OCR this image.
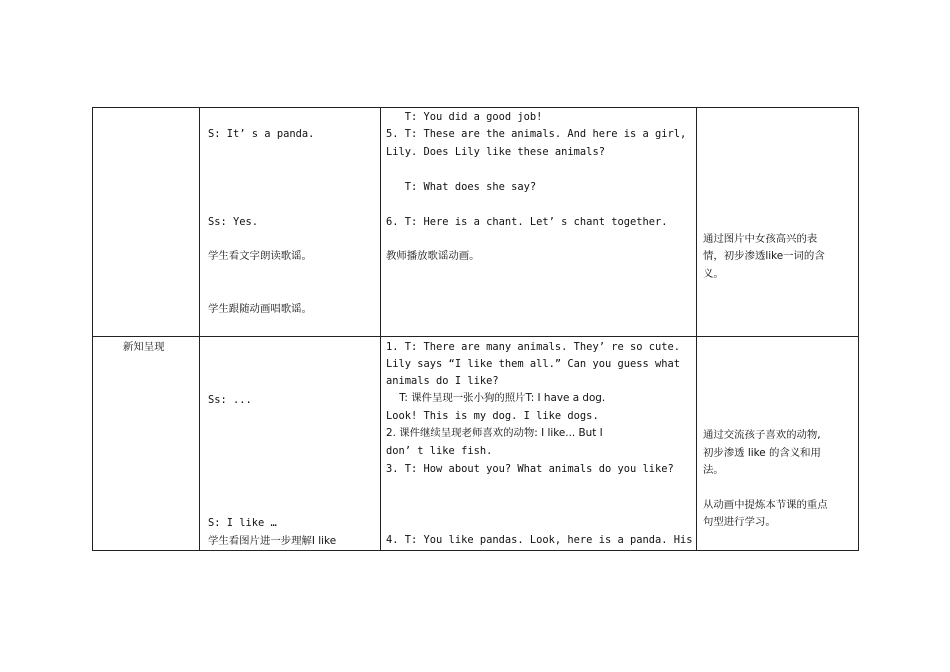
S: It’ s a panda.
Ss: Yes.
学生看文字朗读歌谣。
学生跟随动画唱歌谣。
T: You did a good job!
5. T: These are the animals. And here is a girl,
Lily. Does Lily like these animals?
T: What does she say?
6. T: Here is a chant. Let’ s chant together.
教师播放歌谣动画。
通过图片中女孩高兴的表
情，初步渗透like一词的含
义。
新知呈现
Ss: ...
S: I like …
学生看图片进一步理解I like
1. T: There are many animals. They’ re so cute.
Lily says “I like them all.” Can you guess what
animals do I like?
T: 课件呈现一张小狗的照片T: I have a dog.
Look! This is my dog. I like dogs.
2. 课件继续呈现老师喜欢的动物: I like... But I
don’ t like fish.
3. T: How about you? What animals do you like?
4. T: You like pandas. Look, here is a panda. His
通过交流孩子喜欢的动物,
初步渗透 like 的含义和用
法。
从动画中提炼本节课的重点
句型进行学习。
